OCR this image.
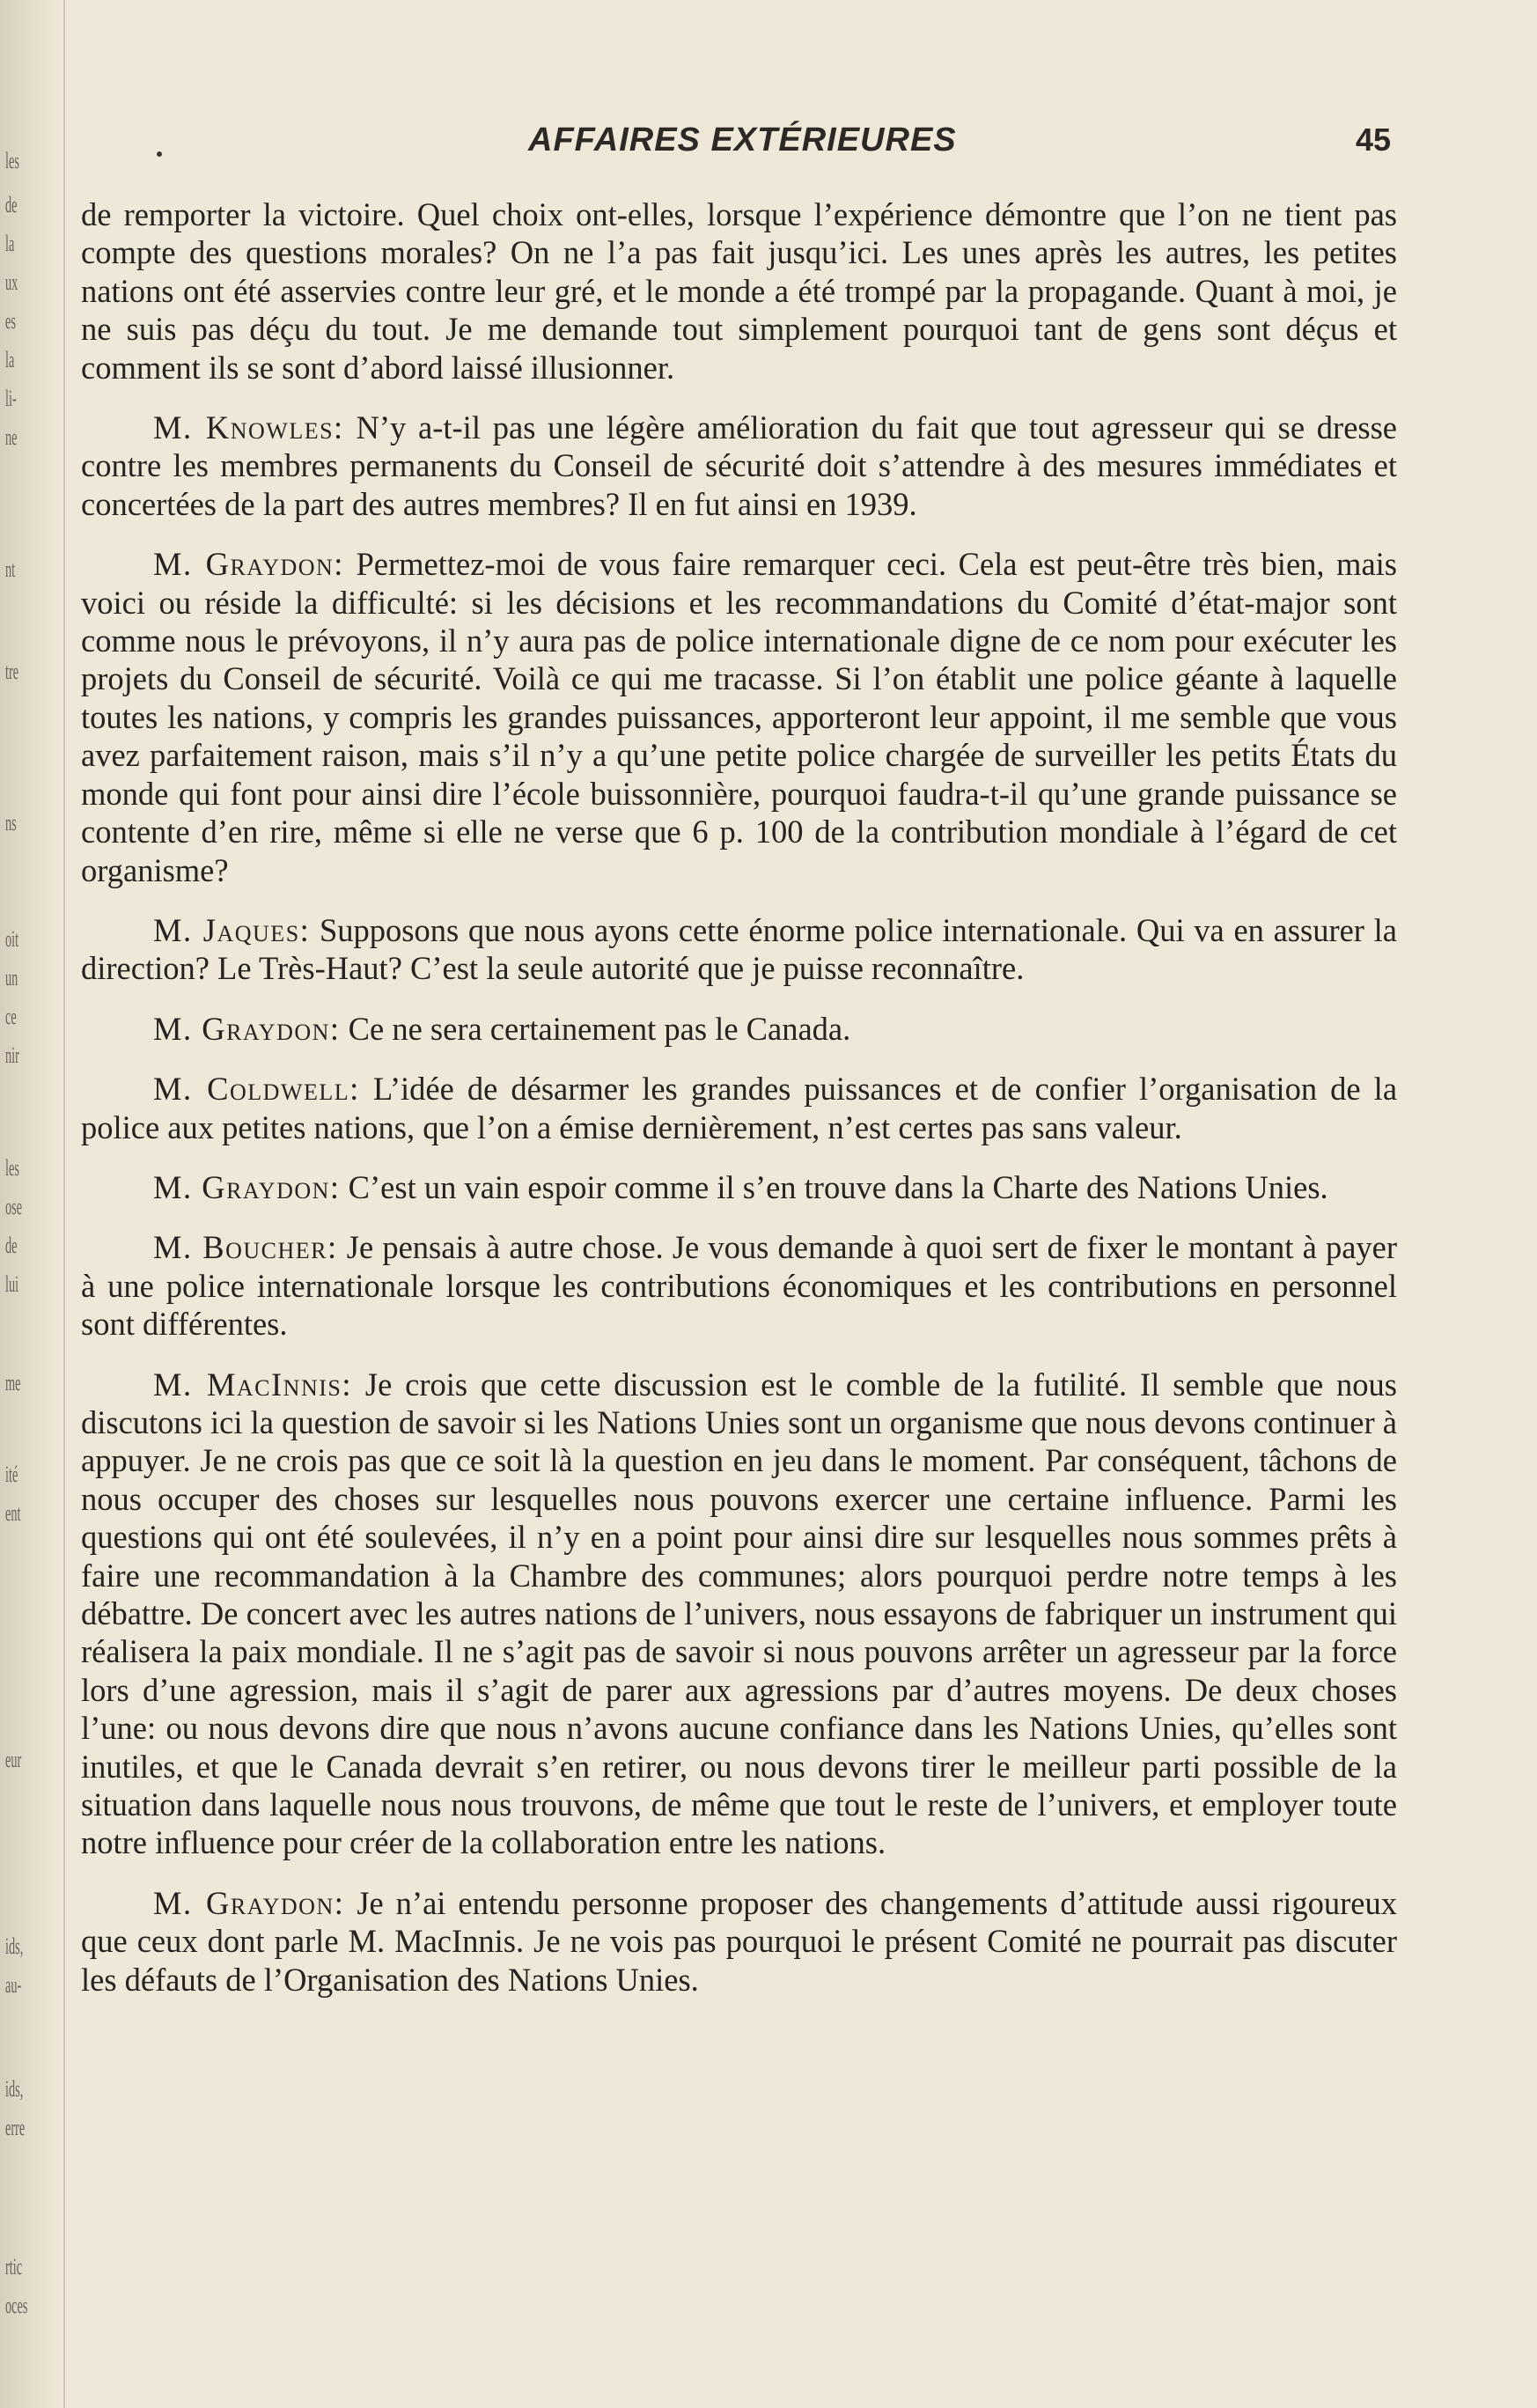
les
de
la
ux
es
la
li-
ne
nt
tre
ns
oit
un
ce
nir
les
ose
de
lui
me
ité
ent
eur
ids,
au-
ids,
erre
rtic
oces
AFFAIRES EXTÉRIEURES	45

de remporter la victoire. Quel choix ont-elles, lorsque l’expérience démontre que l’on ne tient pas compte des questions morales? On ne l’a pas fait jusqu’ici. Les unes après les autres, les petites nations ont été asservies contre leur gré, et le monde a été trompé par la propagande. Quant à moi, je ne suis pas déçu du tout. Je me demande tout simplement pourquoi tant de gens sont déçus et comment ils se sont d’abord laissé illusionner.

M. Knowles: N’y a-t-il pas une légère amélioration du fait que tout agresseur qui se dresse contre les membres permanents du Conseil de sécurité doit s’attendre à des mesures immédiates et concertées de la part des autres membres? Il en fut ainsi en 1939.

M. Graydon: Permettez-moi de vous faire remarquer ceci. Cela est peut-être très bien, mais voici ou réside la difficulté: si les décisions et les recommandations du Comité d’état-major sont comme nous le prévoyons, il n’y aura pas de police internationale digne de ce nom pour exécuter les projets du Conseil de sécurité. Voilà ce qui me tracasse. Si l’on établit une police géante à laquelle toutes les nations, y compris les grandes puissances, apporteront leur appoint, il me semble que vous avez parfaitement raison, mais s’il n’y a qu’une petite police chargée de surveiller les petits États du monde qui font pour ainsi dire l’école buissonnière, pourquoi faudra-t-il qu’une grande puissance se contente d’en rire, même si elle ne verse que 6 p. 100 de la contribution mondiale à l’égard de cet organisme?

M. Jaques: Supposons que nous ayons cette énorme police internationale. Qui va en assurer la direction? Le Très-Haut? C’est la seule autorité que je puisse reconnaître.

M. Graydon: Ce ne sera certainement pas le Canada.

M. Coldwell: L’idée de désarmer les grandes puissances et de confier l’organisation de la police aux petites nations, que l’on a émise dernièrement, n’est certes pas sans valeur.

M. Graydon: C’est un vain espoir comme il s’en trouve dans la Charte des Nations Unies.

M. Boucher: Je pensais à autre chose. Je vous demande à quoi sert de fixer le montant à payer à une police internationale lorsque les contributions économiques et les contributions en personnel sont différentes.

M. MacInnis: Je crois que cette discussion est le comble de la futilité. Il semble que nous discutons ici la question de savoir si les Nations Unies sont un organisme que nous devons continuer à appuyer. Je ne crois pas que ce soit là la question en jeu dans le moment. Par conséquent, tâchons de nous occuper des choses sur lesquelles nous pouvons exercer une certaine influence. Parmi les questions qui ont été soulevées, il n’y en a point pour ainsi dire sur lesquelles nous sommes prêts à faire une recommandation à la Chambre des communes; alors pourquoi perdre notre temps à les débattre. De concert avec les autres nations de l’univers, nous essayons de fabriquer un instrument qui réalisera la paix mondiale. Il ne s’agit pas de savoir si nous pouvons arrêter un agresseur par la force lors d’une agression, mais il s’agit de parer aux agressions par d’autres moyens. De deux choses l’une: ou nous devons dire que nous n’avons aucune confiance dans les Nations Unies, qu’elles sont inutiles, et que le Canada devrait s’en retirer, ou nous devons tirer le meilleur parti possible de la situation dans laquelle nous nous trouvons, de même que tout le reste de l’univers, et employer toute notre influence pour créer de la collaboration entre les nations.

M. Graydon: Je n’ai entendu personne proposer des changements d’attitude aussi rigoureux que ceux dont parle M. MacInnis. Je ne vois pas pourquoi le présent Comité ne pourrait pas discuter les défauts de l’Organisation des Nations Unies.
